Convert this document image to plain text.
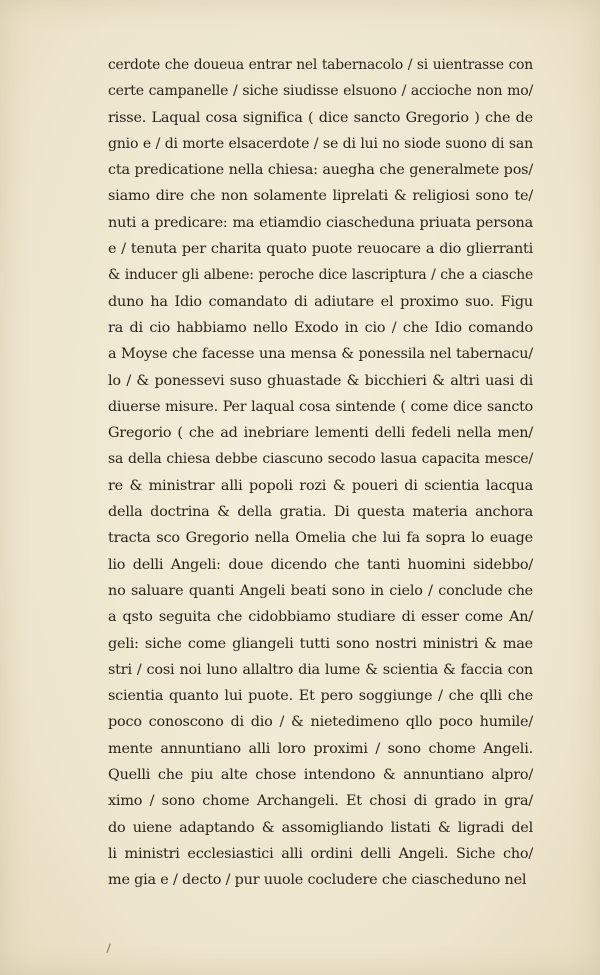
cerdote che doueua entrar nel tabernacolo / si uientrasse con
certe campanelle / siche siudisse elsuono / accioche non mo/
risse. Laqual cosa significa ( dice sancto Gregorio ) che de
gnio e / di morte elsacerdote / se di lui no siode suono di san
cta predicatione nella chiesa: auegha che generalmete pos/
siamo dire che non solamente liprelati & religiosi sono te/
nuti a predicare: ma etiamdio ciascheduna priuata persona
e / tenuta per charita quato puote reuocare a dio glierranti
& inducer gli albene: peroche dice lascriptura / che a ciasche
duno ha Idio comandato di adiutare el proximo suo. Figu
ra di cio habbiamo nello Exodo in cio / che Idio comando
a Moyse che facesse una mensa & ponessila nel tabernacu/
lo / & ponessevi suso ghuastade & bicchieri & altri uasi di
diuerse misure. Per laqual cosa sintende ( come dice sancto
Gregorio ( che ad inebriare lementi delli fedeli nella men/
sa della chiesa debbe ciascuno secodo lasua capacita mesce/
re & ministrar alli popoli rozi & poueri di scientia lacqua
della doctrina & della gratia. Di questa materia anchora
tracta sco Gregorio nella Omelia che lui fa sopra lo euage
lio delli Angeli: doue dicendo che tanti huomini sidebbo/
no saluare quanti Angeli beati sono in cielo / conclude che
a qsto seguita che cidobbiamo studiare di esser come An/
geli: siche come gliangeli tutti sono nostri ministri & mae
stri / cosi noi luno allaltro dia lume & scientia & faccia con
scientia quanto lui puote. Et pero soggiunge / che qlli che
poco conoscono di dio / & nietedimeno qllo poco humile/
mente annuntiano alli loro proximi / sono chome Angeli.
Quelli che piu alte chose intendono & annuntiano alpro/
ximo / sono chome Archangeli. Et chosi di grado in gra/
do uiene adaptando & assomigliando listati & ligradi del
li ministri ecclesiastici alli ordini delli Angeli. Siche cho/
me gia e / decto / pur uuole cocludere che ciascheduno nel
